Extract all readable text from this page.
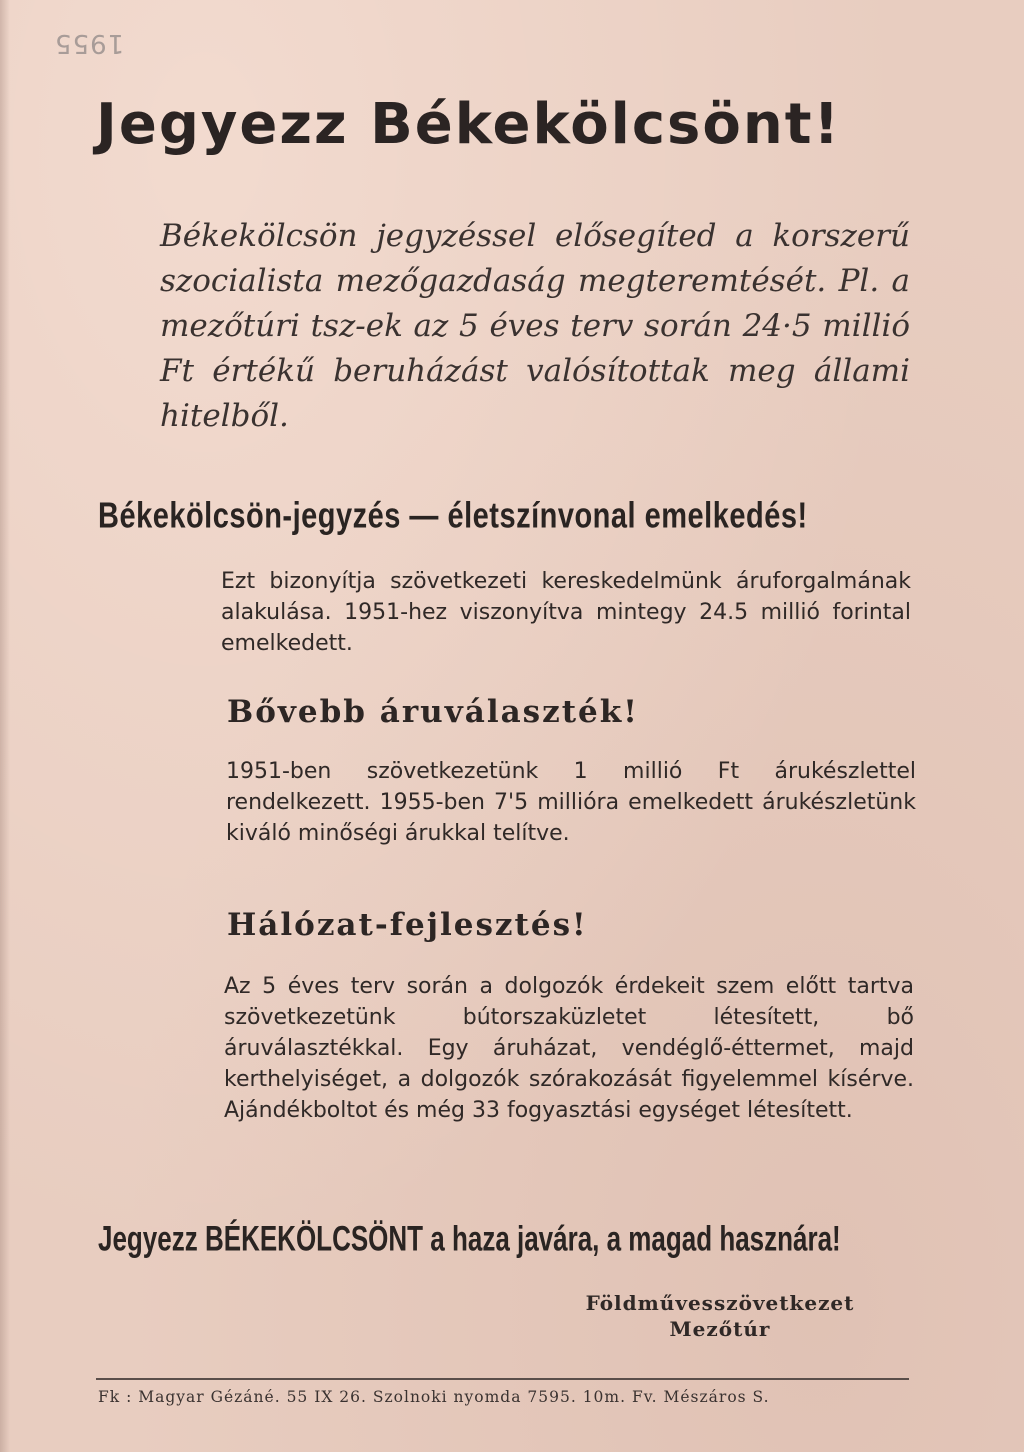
1955
Jegyezz Békekölcsönt!
Békekölcsön jegyzéssel elősegíted a korszerű szocialista mezőgazdaság megteremtését. Pl. a mezőtúri tsz-ek az 5 éves terv során 24·5 millió Ft értékű beruházást valósítottak meg állami hitelből.
Békekölcsön-jegyzés — életszínvonal emelkedés!
Ezt bizonyítja szövetkezeti kereskedelmünk áruforgalmának alakulása. 1951-hez viszonyítva mintegy 24.5 millió forintal emelkedett.
Bővebb áruválaszték!
1951-ben szövetkezetünk 1 millió Ft árukészlettel rendelkezett. 1955-ben 7'5 millióra emelkedett árukészletünk kiváló minőségi árukkal telítve.
Hálózat-fejlesztés!
Az 5 éves terv során a dolgozók érdekeit szem előtt tartva szövetkezetünk bútorszaküzletet létesített, bő áruválasztékkal. Egy áruházat, vendéglő-éttermet, majd kerthelyiséget, a dolgozók szórakozását figyelemmel kísérve. Ajándékboltot és még 33 fogyasztási egységet létesített.
Jegyezz BÉKEKÖLCSÖNT a haza javára, a magad hasznára!
Földművesszövetkezet
Mezőtúr
Fk : Magyar Gézáné. 55 IX 26. Szolnoki nyomda 7595. 10m. Fv. Mészáros S.
